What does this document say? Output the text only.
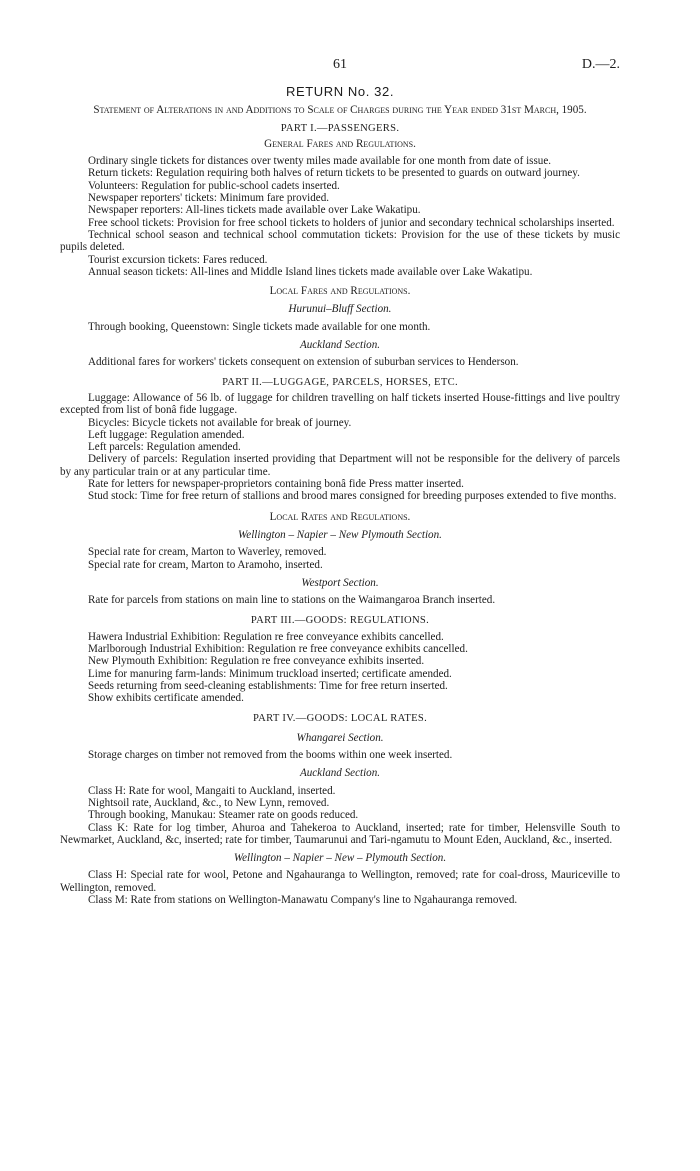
61	D.—2.
RETURN No. 32.
Statement of Alterations in and Additions to Scale of Charges during the Year ended 31st March, 1905.
PART I.—PASSENGERS.
General Fares and Regulations.

Ordinary single tickets for distances over twenty miles made available for one month from date of issue.

Return tickets: Regulation requiring both halves of return tickets to be presented to guards on outward journey.

Volunteers: Regulation for public-school cadets inserted.

Newspaper reporters' tickets: Minimum fare provided.

Newspaper reporters: All-lines tickets made available over Lake Wakatipu.

Free school tickets: Provision for free school tickets to holders of junior and secondary technical scholarships inserted.

Technical school season and technical school commutation tickets: Provision for the use of these tickets by music pupils deleted.

Tourist excursion tickets: Fares reduced.

Annual season tickets: All-lines and Middle Island lines tickets made available over Lake Wakatipu.

Local Fares and Regulations.
Hurunui–Bluff Section.

Through booking, Queenstown: Single tickets made available for one month.

Auckland Section.

Additional fares for workers' tickets consequent on extension of suburban services to Henderson.

PART II.—LUGGAGE, PARCELS, HORSES, ETC.

Luggage: Allowance of 56 lb. of luggage for children travelling on half tickets inserted House-fittings and live poultry excepted from list of bonâ fide luggage.

Bicycles: Bicycle tickets not available for break of journey.

Left luggage: Regulation amended.

Left parcels: Regulation amended.

Delivery of parcels: Regulation inserted providing that Department will not be responsible for the delivery of parcels by any particular train or at any particular time.

Rate for letters for newspaper-proprietors containing bonâ fide Press matter inserted.

Stud stock: Time for free return of stallions and brood mares consigned for breeding purposes extended to five months.

Local Rates and Regulations.
Wellington – Napier – New Plymouth Section.

Special rate for cream, Marton to Waverley, removed.

Special rate for cream, Marton to Aramoho, inserted.

Westport Section.

Rate for parcels from stations on main line to stations on the Waimangaroa Branch inserted.

PART III.—GOODS: REGULATIONS.

Hawera Industrial Exhibition: Regulation re free conveyance exhibits cancelled.

Marlborough Industrial Exhibition: Regulation re free conveyance exhibits cancelled.

New Plymouth Exhibition: Regulation re free conveyance exhibits inserted.

Lime for manuring farm-lands: Minimum truckload inserted; certificate amended.

Seeds returning from seed-cleaning establishments: Time for free return inserted.

Show exhibits certificate amended.

PART IV.—GOODS: LOCAL RATES.
Whangarei Section.

Storage charges on timber not removed from the booms within one week inserted.

Auckland Section.

Class H: Rate for wool, Mangaiti to Auckland, inserted.

Nightsoil rate, Auckland, &c., to New Lynn, removed.

Through booking, Manukau: Steamer rate on goods reduced.

Class K: Rate for log timber, Ahuroa and Tahekeroa to Auckland, inserted; rate for timber, Helensville South to Newmarket, Auckland, &c, inserted; rate for timber, Taumarunui and Tari-ngamutu to Mount Eden, Auckland, &c., inserted.

Wellington – Napier – New – Plymouth Section.

Class H: Special rate for wool, Petone and Ngahauranga to Wellington, removed; rate for coal-dross, Mauriceville to Wellington, removed.

Class M: Rate from stations on Wellington-Manawatu Company's line to Ngahauranga removed.
